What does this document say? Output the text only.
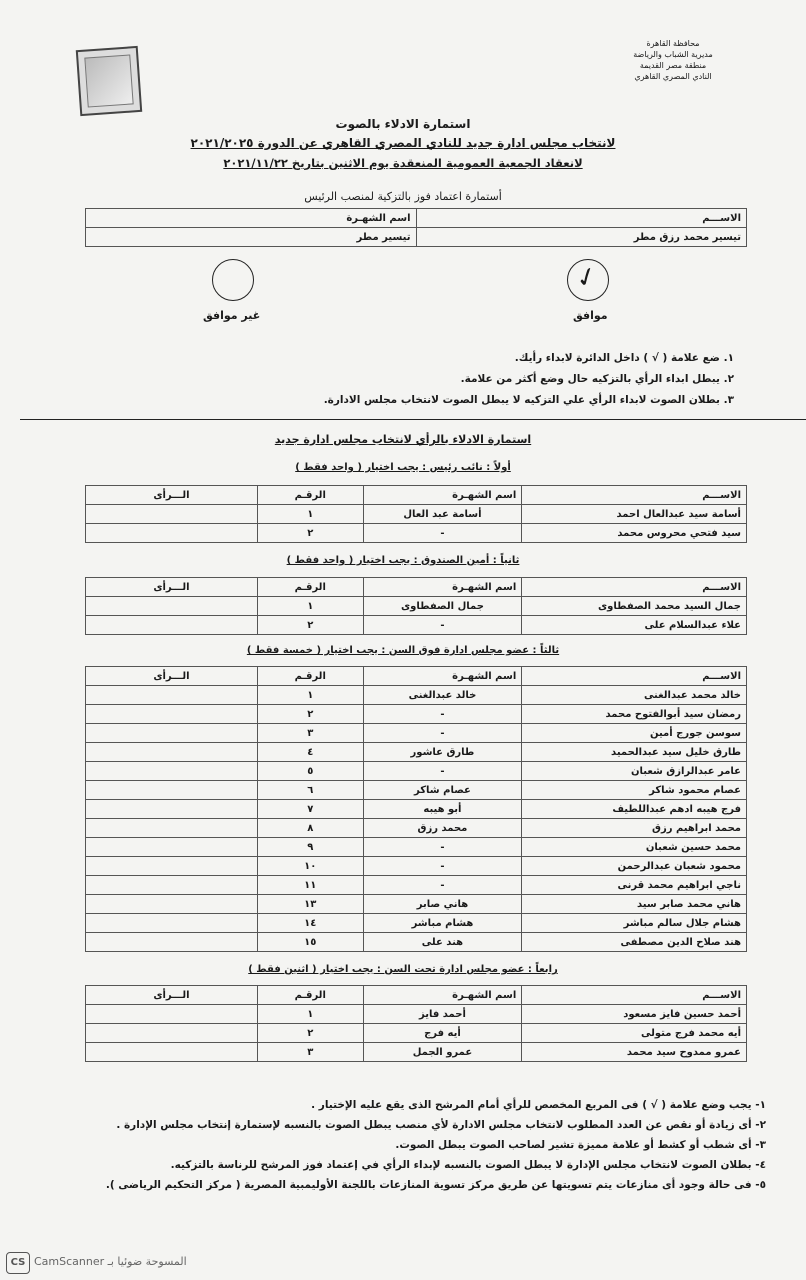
محافظة القاهرة
مديرية الشباب والرياضة
منطقة مصر القديمة
النادي المصري القاهري
استمارة الادلاء بالصوت
لانتخاب مجلس ادارة جديد للنادي المصري القاهري عن الدورة ٢٠٢١/٢٠٢٥
لانعقاد الجمعية العمومية المنعقدة يوم الاثنين بتاريخ ٢٠٢١/١١/٢٢
أستمارة اعتماد فوز بالتزكية لمنصب الرئيس
الاســـم	اسم الشهـرة
تيسير محمد رزق مطر	تيسير مطر
✓
موافق
غير موافق
١. ضع علامة ( √ ) داخل الدائرة لابداء رأيك.
٢. يبطل ابداء الرأي بالتزكيه حال وضع أكثر من علامة.
٣. بطلان الصوت لابداء الرأي علي التزكيه لا يبطل الصوت لانتخاب مجلس الادارة.
استمارة الادلاء بالرأي لانتخاب مجلس ادارة جديد
أولاً : نائب رئيس : يجب اختيار ( واحد فقط )
الاســـم	اسم الشهـرة	الرقـم	الـــرأى
أسامة سيد عبدالعال احمد	أسامة عبد العال	١	
سيد فتحي محروس محمد	-	٢	
ثانياً : أمين الصندوق : يجب اختيار ( واحد فقط )
الاســـم	اسم الشهـرة	الرقـم	الـــرأى
جمال السيد محمد الصفطاوى	جمال الصفطاوى	١	
علاء عبدالسلام على	-	٢	
ثالثاً : عضو مجلس ادارة فوق السن : يجب اختيار ( خمسة فقط )
الاســـم	اسم الشهـرة	الرقـم	الـــرأى
خالد محمد عبدالغنى	خالد عبدالغنى	١	
رمضان سيد أبوالفتوح محمد	-	٢	
سوسن جورج أمين	-	٣	
طارق خليل سيد عبدالحميد	طارق عاشور	٤	
عامر عبدالرازق شعبان	-	٥	
عصام محمود شاكر	عصام شاكر	٦	
فرج هيبه ادهم عبداللطيف	أبو هيبه	٧	
محمد ابراهيم رزق	محمد رزق	٨	
محمد حسين شعبان	-	٩	
محمود شعبان عبدالرحمن	-	١٠	
ناجي ابراهيم محمد قرنى	-	١١	
هاني محمد صابر سيد	هاني صابر	١٣	
هشام جلال سالم مباشر	هشام مباشر	١٤	
هند صلاح الدين مصطفى	هند على	١٥	
رابعاً : عضو مجلس ادارة تحت السن : يجب اختيار ( اثنين فقط )
الاســـم	اسم الشهـرة	الرقـم	الـــرأى
أحمد حسين فايز مسعود	أحمد فايز	١	
أيه محمد فرج متولى	أيه فرج	٢	
عمرو ممدوح سيد محمد	عمرو الجمل	٣	
١- يجب وضع علامة ( √ ) فى المربع المخصص للرأي أمام المرشح الذى يقع عليه الإختيار .
٢- أى زيادة أو نقص عن العدد المطلوب لانتخاب مجلس الادارة لأي منصب يبطل الصوت بالنسبه لإستمارة إنتخاب مجلس الإدارة .
٣- أى شطب أو كشط أو علامة مميزة تشير لصاحب الصوت يبطل الصوت.
٤- بطلان الصوت لانتخاب مجلس الإدارة لا يبطل الصوت بالنسبه لإبداء الرأي في إعتماد فوز المرشح للرناسة بالتزكيه.
٥- فى حالة وجود أى منازعات يتم تسويتها عن طريق مركز تسوية المنازعات باللجنة الأوليمبية المصرية ( مركز التحكيم الرياضى ).
CS المسوحة ضوئيا بـ CamScanner
